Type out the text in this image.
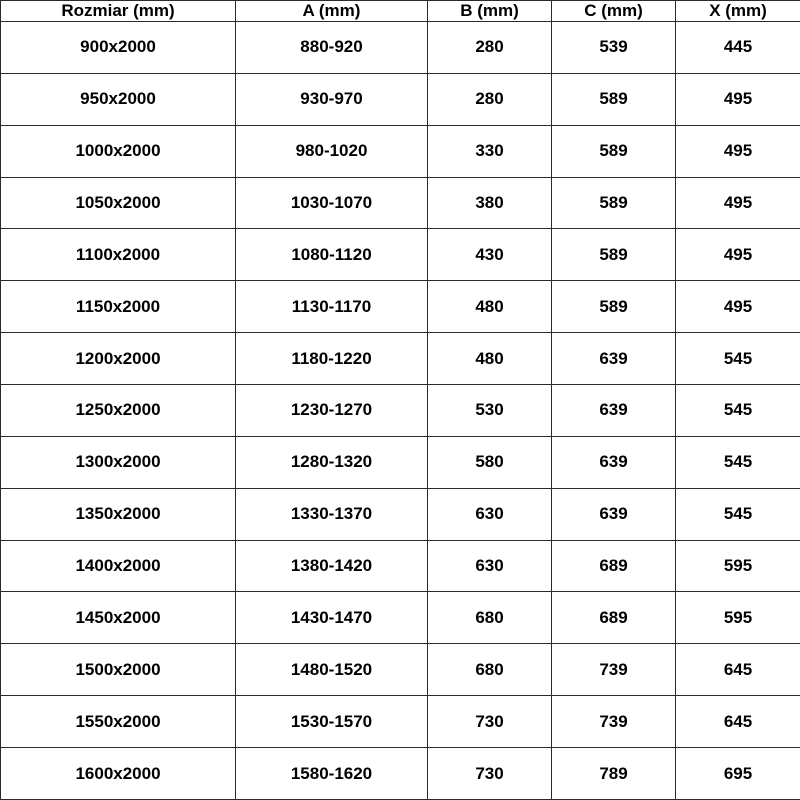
Rozmiar (mm)	A (mm)	B (mm)	C (mm)	X (mm)
900x2000	880-920	280	539	445
950x2000	930-970	280	589	495
1000x2000	980-1020	330	589	495
1050x2000	1030-1070	380	589	495
1100x2000	1080-1120	430	589	495
1150x2000	1130-1170	480	589	495
1200x2000	1180-1220	480	639	545
1250x2000	1230-1270	530	639	545
1300x2000	1280-1320	580	639	545
1350x2000	1330-1370	630	639	545
1400x2000	1380-1420	630	689	595
1450x2000	1430-1470	680	689	595
1500x2000	1480-1520	680	739	645
1550x2000	1530-1570	730	739	645
1600x2000	1580-1620	730	789	695
